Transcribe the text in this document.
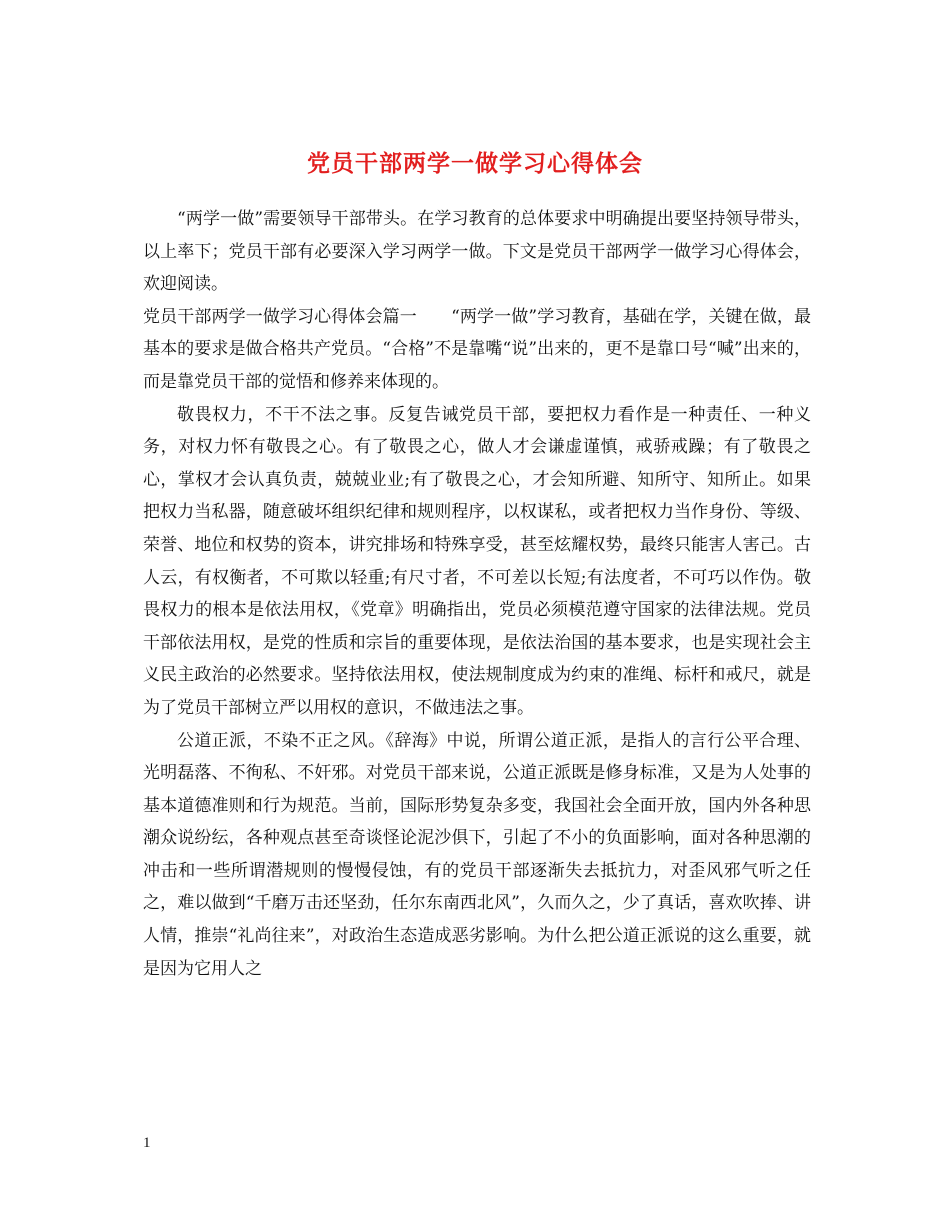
党员干部两学一做学习心得体会

“两学一做”需要领导干部带头。在学习教育的总体要求中明确提出要坚持领导带头，以上率下；党员干部有必要深入学习两学一做。下文是党员干部两学一做学习心得体会，欢迎阅读。

党员干部两学一做学习心得体会篇一　　“两学一做”学习教育，基础在学，关键在做，最基本的要求是做合格共产党员。“合格”不是靠嘴“说”出来的，更不是靠口号“喊”出来的，而是靠党员干部的觉悟和修养来体现的。

敬畏权力，不干不法之事。反复告诫党员干部，要把权力看作是一种责任、一种义务，对权力怀有敬畏之心。有了敬畏之心，做人才会谦虚谨慎，戒骄戒躁；有了敬畏之心，掌权才会认真负责，兢兢业业;有了敬畏之心，才会知所避、知所守、知所止。如果把权力当私器，随意破坏组织纪律和规则程序，以权谋私，或者把权力当作身份、等级、荣誉、地位和权势的资本，讲究排场和特殊享受，甚至炫耀权势，最终只能害人害己。古人云，有权衡者，不可欺以轻重;有尺寸者，不可差以长短;有法度者，不可巧以作伪。敬畏权力的根本是依法用权，《党章》明确指出，党员必须模范遵守国家的法律法规。党员干部依法用权，是党的性质和宗旨的重要体现，是依法治国的基本要求，也是实现社会主义民主政治的必然要求。坚持依法用权，使法规制度成为约束的准绳、标杆和戒尺，就是为了党员干部树立严以用权的意识，不做违法之事。

公道正派，不染不正之风。《辞海》中说，所谓公道正派，是指人的言行公平合理、光明磊落、不徇私、不奸邪。对党员干部来说，公道正派既是修身标准，又是为人处事的基本道德准则和行为规范。当前，国际形势复杂多变，我国社会全面开放，国内外各种思潮众说纷纭，各种观点甚至奇谈怪论泥沙俱下，引起了不小的负面影响，面对各种思潮的冲击和一些所谓潜规则的慢慢侵蚀，有的党员干部逐渐失去抵抗力，对歪风邪气听之任之，难以做到“千磨万击还坚劲，任尔东南西北风”，久而久之，少了真话，喜欢吹捧、讲人情，推崇“礼尚往来”，对政治生态造成恶劣影响。为什么把公道正派说的这么重要，就是因为它用人之

1
